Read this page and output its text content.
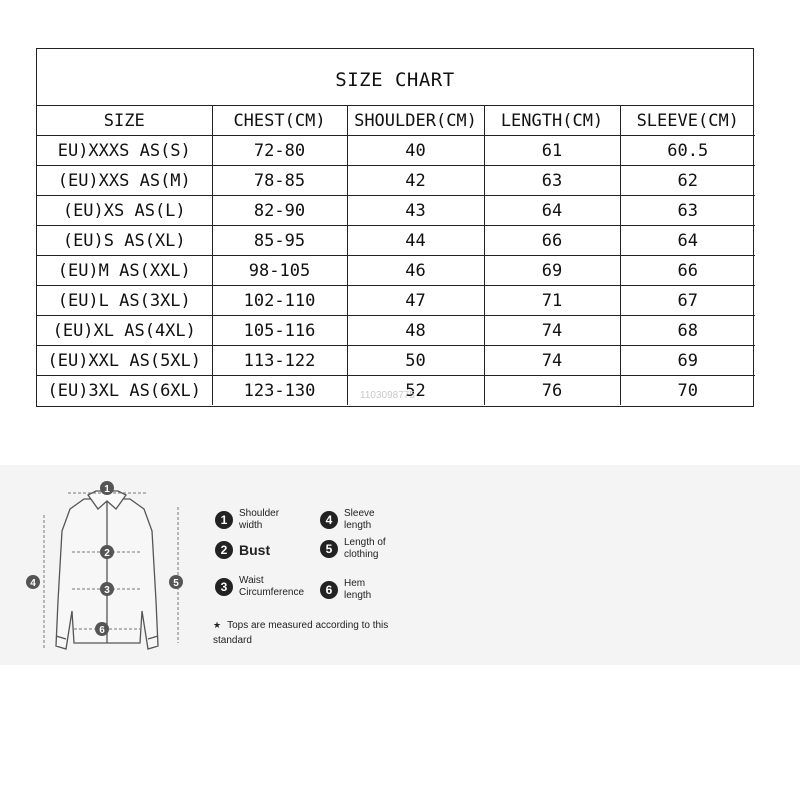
SIZE CHART
SIZE	CHEST(CM)	SHOULDER(CM)	LENGTH(CM)	SLEEVE(CM)
EU)XXXS AS(S)	72-80	40	61	60.5
(EU)XXS AS(M)	78-85	42	63	62
(EU)XS AS(L)	82-90	43	64	63
(EU)S AS(XL)	85-95	44	66	64
(EU)M AS(XXL)	98-105	46	69	66
(EU)L AS(3XL)	102-110	47	71	67
(EU)XL AS(4XL)	105-116	48	74	68
(EU)XXL AS(5XL)	113-122	50	74	69
(EU)3XL AS(6XL)	123-130	52	76	70
1103098775
1
2
3
4	5
6
1	Shoulder width	4	Sleeve length
2 Bust	5	Length of clothing
3	Waist Circumference	6	Hem length
★ Tops are measured according to this standard
